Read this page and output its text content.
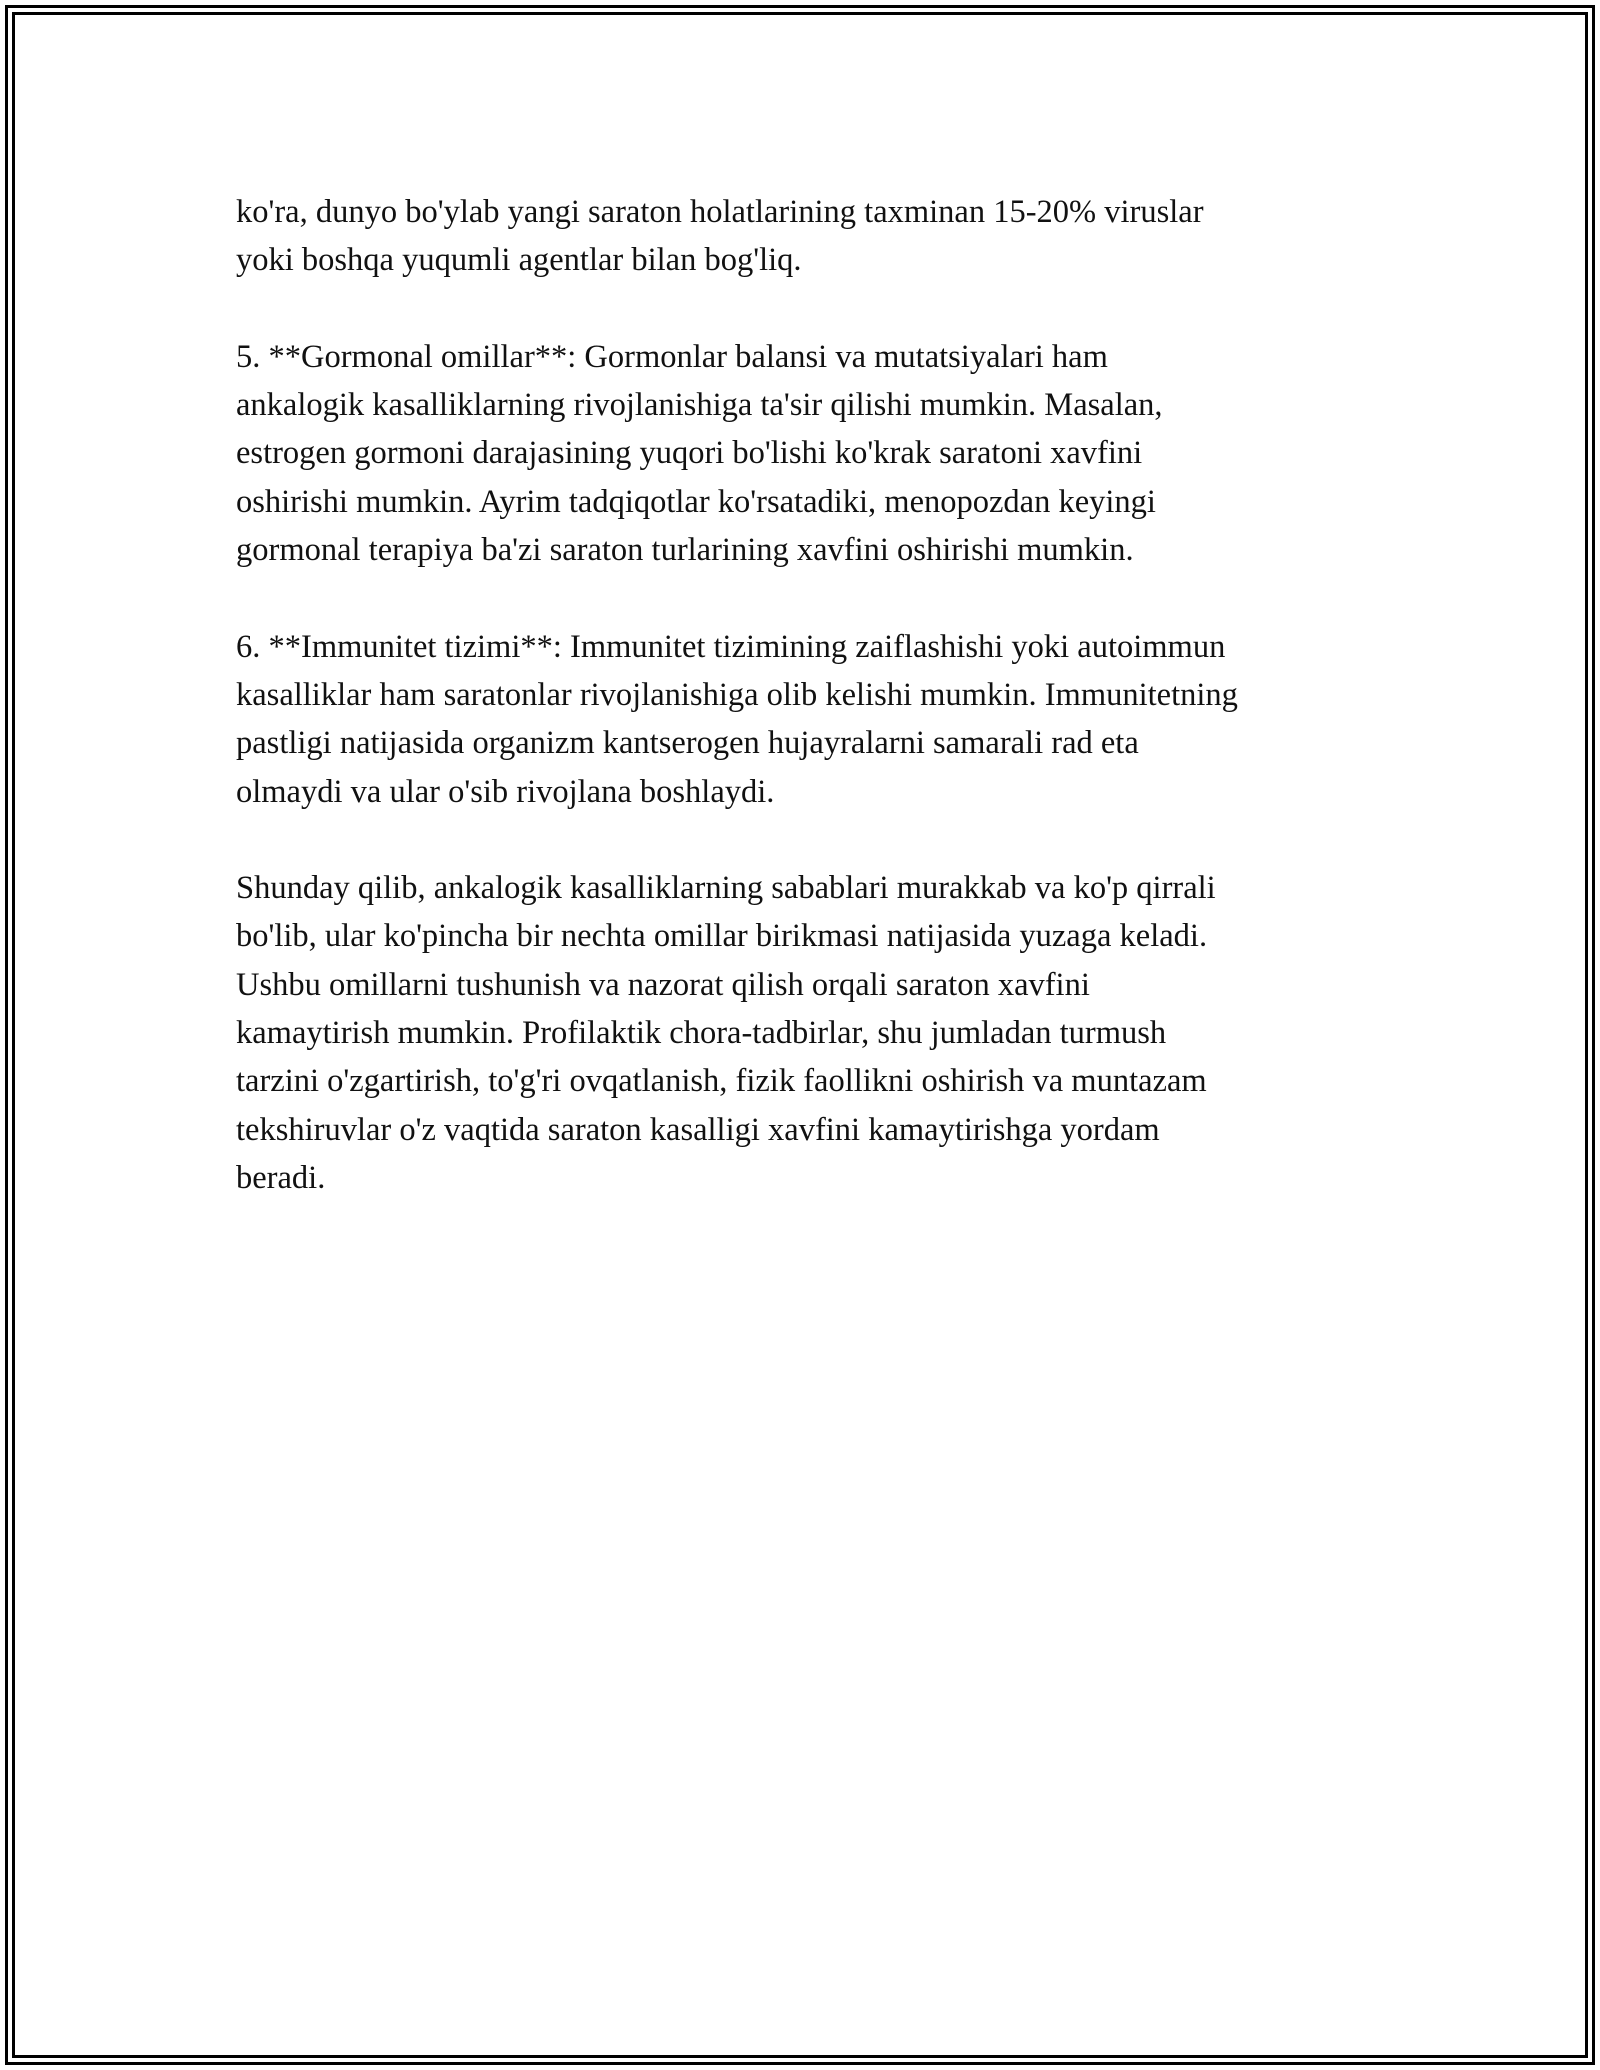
ko'ra, dunyo bo'ylab yangi saraton holatlarining taxminan 15-20% viruslar
yoki boshqa yuqumli agentlar bilan bog'liq.

5. **Gormonal omillar**: Gormonlar balansi va mutatsiyalari ham
ankalogik kasalliklarning rivojlanishiga ta'sir qilishi mumkin. Masalan,
estrogen gormoni darajasining yuqori bo'lishi ko'krak saratoni xavfini
oshirishi mumkin. Ayrim tadqiqotlar ko'rsatadiki, menopozdan keyingi
gormonal terapiya ba'zi saraton turlarining xavfini oshirishi mumkin.

6. **Immunitet tizimi**: Immunitet tizimining zaiflashishi yoki autoimmun
kasalliklar ham saratonlar rivojlanishiga olib kelishi mumkin. Immunitetning
pastligi natijasida organizm kantserogen hujayralarni samarali rad eta
olmaydi va ular o'sib rivojlana boshlaydi.

Shunday qilib, ankalogik kasalliklarning sabablari murakkab va ko'p qirrali
bo'lib, ular ko'pincha bir nechta omillar birikmasi natijasida yuzaga keladi.
Ushbu omillarni tushunish va nazorat qilish orqali saraton xavfini
kamaytirish mumkin. Profilaktik chora-tadbirlar, shu jumladan turmush
tarzini o'zgartirish, to'g'ri ovqatlanish, fizik faollikni oshirish va muntazam
tekshiruvlar o'z vaqtida saraton kasalligi xavfini kamaytirishga yordam
beradi.
